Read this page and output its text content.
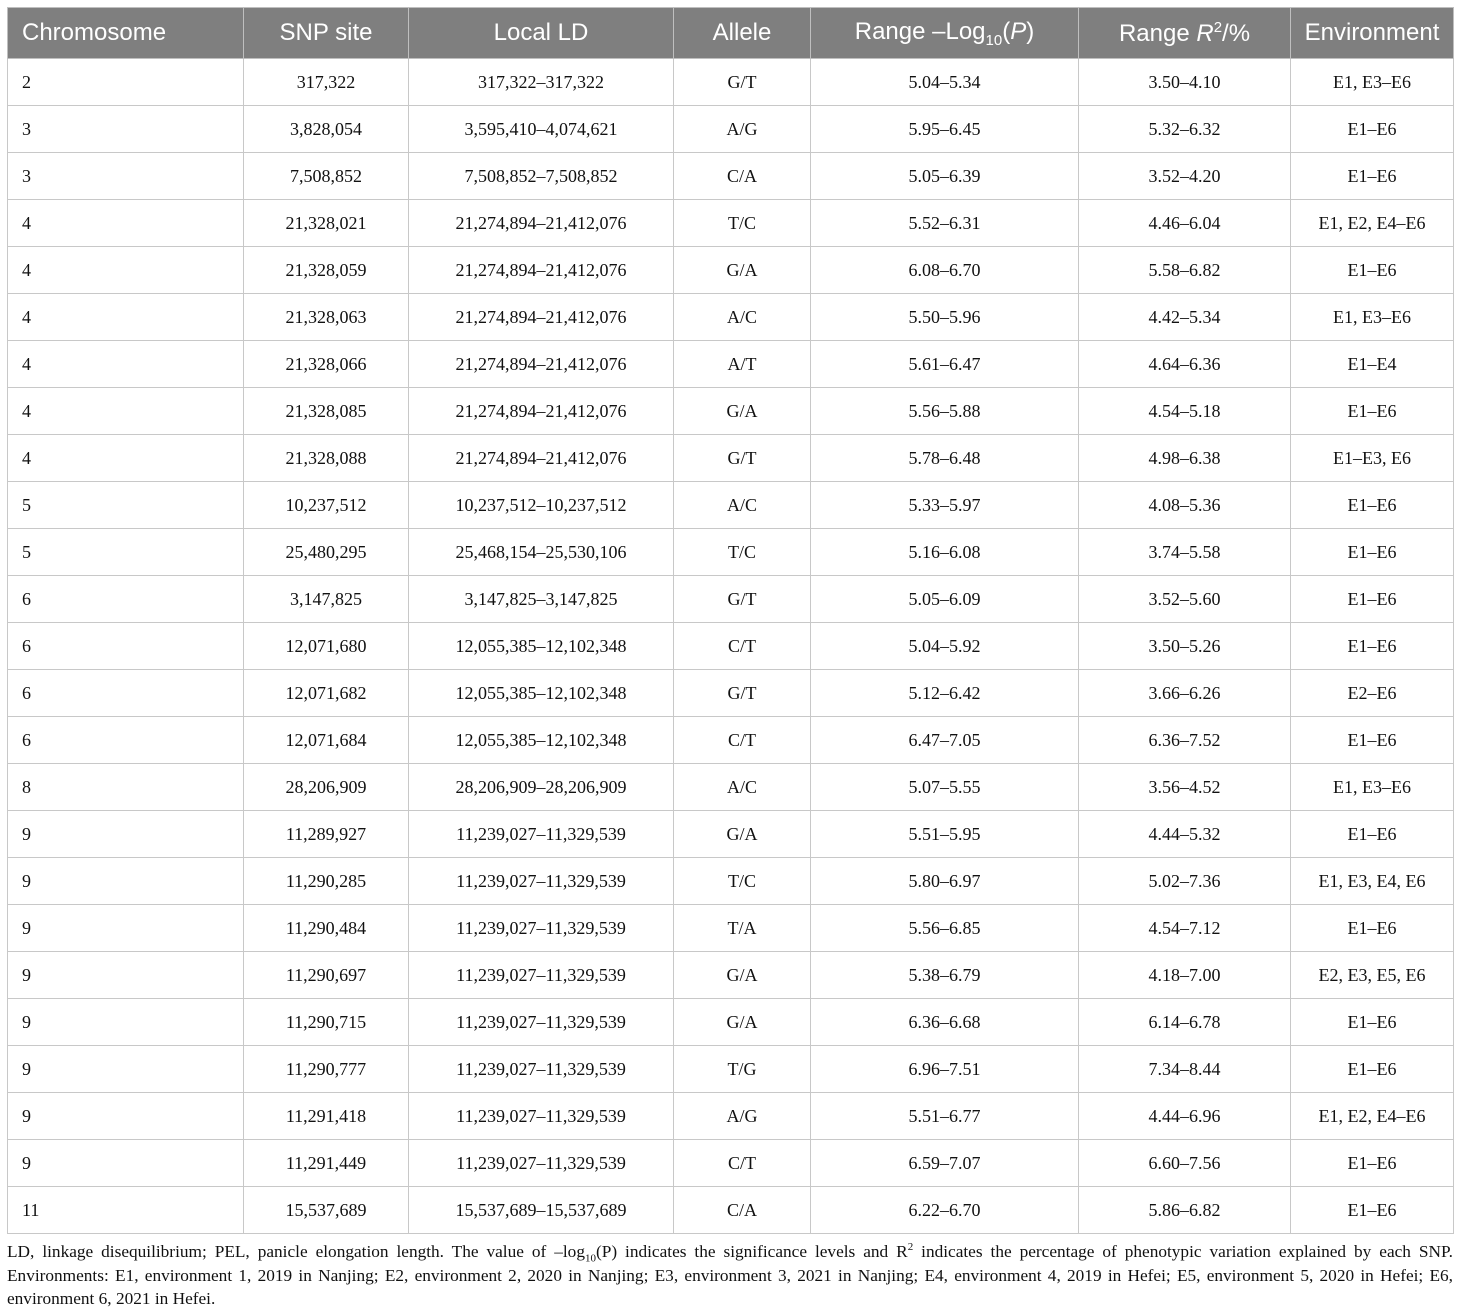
Chromosome	SNP site	Local LD	Allele	Range –Log$_{10}$(P)	Range $R^2/\%$	Environment
2	317,322	317,322–317,322	G/T	5.04–5.34	3.50–4.10	E1, E3–E6
3	3,828,054	3,595,410–4,074,621	A/G	5.95–6.45	5.32–6.32	E1–E6
3	7,508,852	7,508,852–7,508,852	C/A	5.05–6.39	3.52–4.20	E1–E6
4	21,328,021	21,274,894–21,412,076	T/C	5.52–6.31	4.46–6.04	E1, E2, E4–E6
4	21,328,059	21,274,894–21,412,076	G/A	6.08–6.70	5.58–6.82	E1–E6
4	21,328,063	21,274,894–21,412,076	A/C	5.50–5.96	4.42–5.34	E1, E3–E6
4	21,328,066	21,274,894–21,412,076	A/T	5.61–6.47	4.64–6.36	E1–E4
4	21,328,085	21,274,894–21,412,076	G/A	5.56–5.88	4.54–5.18	E1–E6
4	21,328,088	21,274,894–21,412,076	G/T	5.78–6.48	4.98–6.38	E1–E3, E6
5	10,237,512	10,237,512–10,237,512	A/C	5.33–5.97	4.08–5.36	E1–E6
5	25,480,295	25,468,154–25,530,106	T/C	5.16–6.08	3.74–5.58	E1–E6
6	3,147,825	3,147,825–3,147,825	G/T	5.05–6.09	3.52–5.60	E1–E6
6	12,071,680	12,055,385–12,102,348	C/T	5.04–5.92	3.50–5.26	E1–E6
6	12,071,682	12,055,385–12,102,348	G/T	5.12–6.42	3.66–6.26	E2–E6
6	12,071,684	12,055,385–12,102,348	C/T	6.47–7.05	6.36–7.52	E1–E6
8	28,206,909	28,206,909–28,206,909	A/C	5.07–5.55	3.56–4.52	E1, E3–E6
9	11,289,927	11,239,027–11,329,539	G/A	5.51–5.95	4.44–5.32	E1–E6
9	11,290,285	11,239,027–11,329,539	T/C	5.80–6.97	5.02–7.36	E1, E3, E4, E6
9	11,290,484	11,239,027–11,329,539	T/A	5.56–6.85	4.54–7.12	E1–E6
9	11,290,697	11,239,027–11,329,539	G/A	5.38–6.79	4.18–7.00	E2, E3, E5, E6
9	11,290,715	11,239,027–11,329,539	G/A	6.36–6.68	6.14–6.78	E1–E6
9	11,290,777	11,239,027–11,329,539	T/G	6.96–7.51	7.34–8.44	E1–E6
9	11,291,418	11,239,027–11,329,539	A/G	5.51–6.77	4.44–6.96	E1, E2, E4–E6
9	11,291,449	11,239,027–11,329,539	C/T	6.59–7.07	6.60–7.56	E1–E6
11	15,537,689	15,537,689–15,537,689	C/A	6.22–6.70	5.86–6.82	E1–E6
LD, linkage disequilibrium; PEL, panicle elongation length. The value of $-\log_{10}(P)$ indicates the significance levels and $R^2$ indicates the percentage of phenotypic variation explained by each SNP. Environments: E1, environment 1, 2019 in Nanjing; E2, environment 2, 2020 in Nanjing; E3, environment 3, 2021 in Nanjing; E4, environment 4, 2019 in Hefei; E5, environment 5, 2020 in Hefei; E6, environment 6, 2021 in Hefei.
